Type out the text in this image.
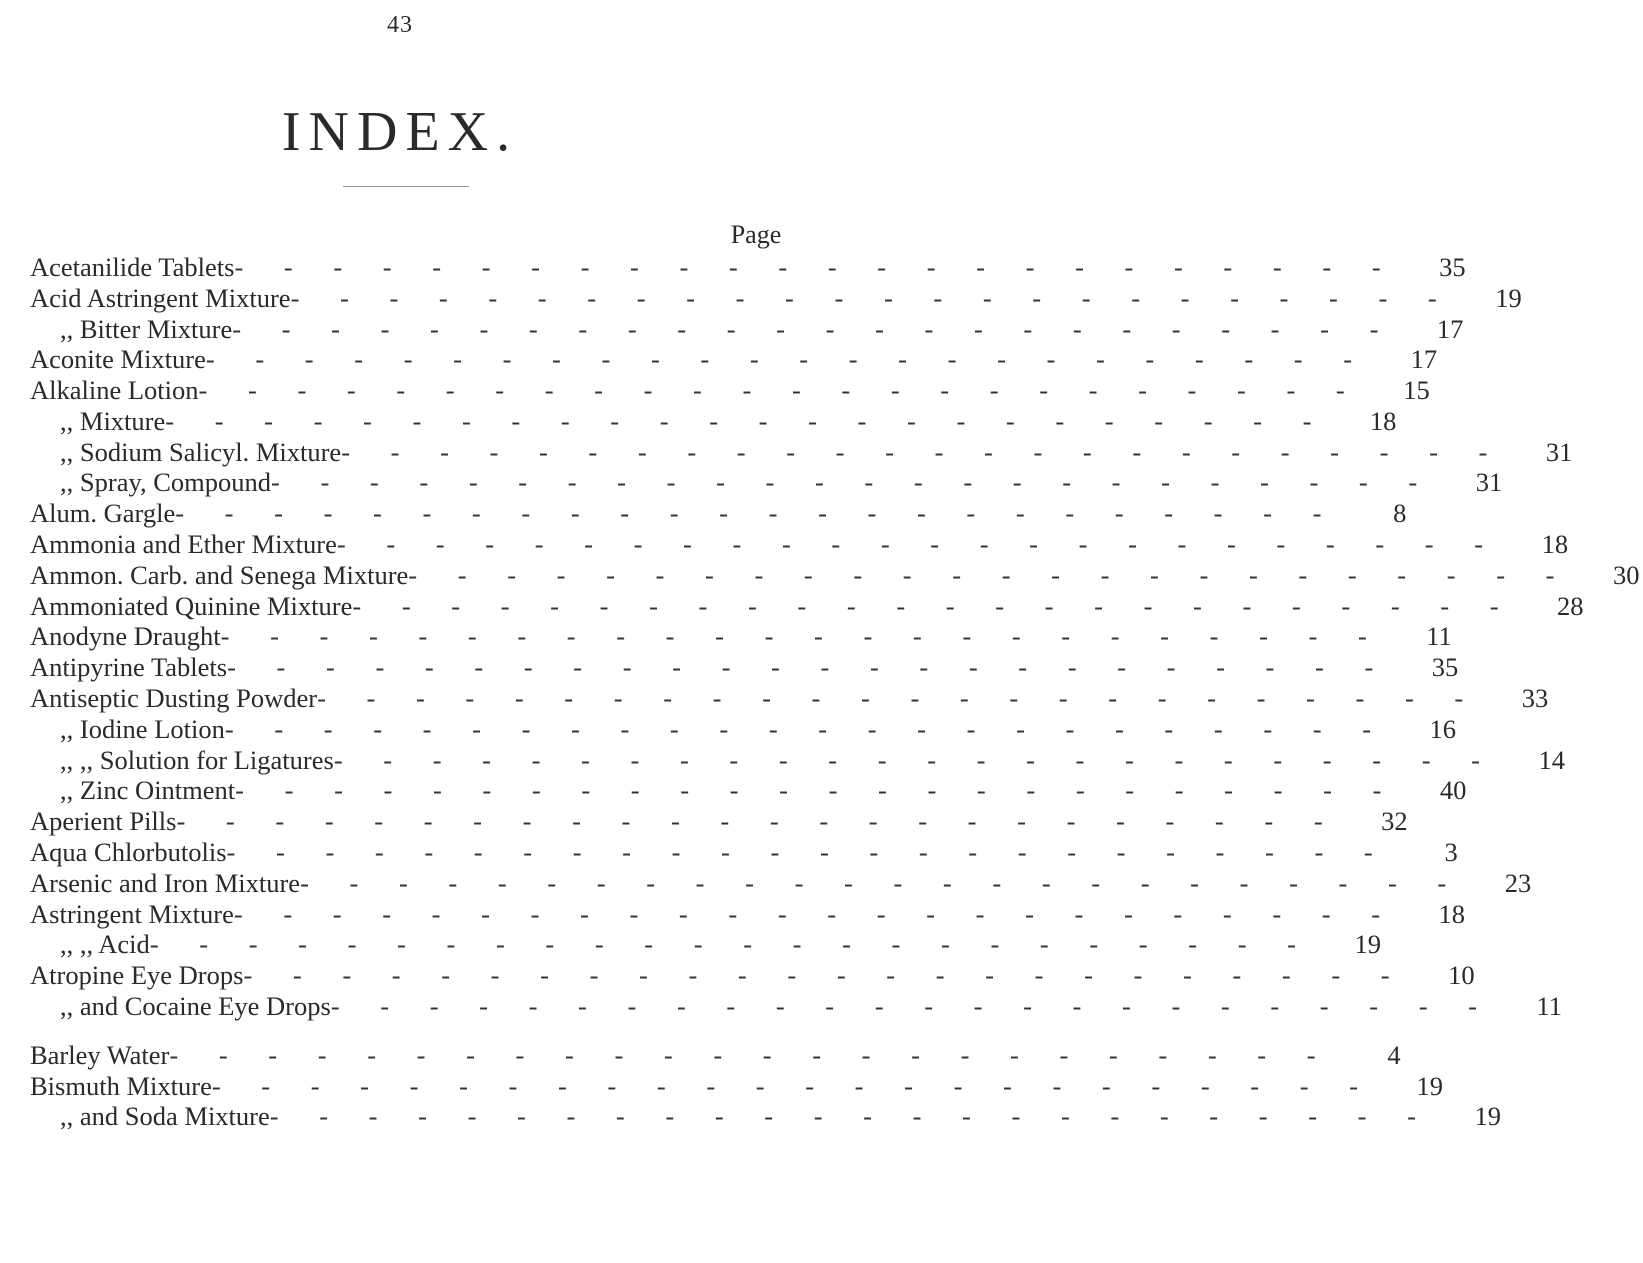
43
INDEX.
Page
Acetanilide Tablets - - - - - - - - - - - - - - - - - - - - - - - -	35
Acid Astringent Mixture - - - - - - - - - - - - - - - - - - - - - - - -	19
,, Bitter Mixture - - - - - - - - - - - - - - - - - - - - - - - -	17
Aconite Mixture - - - - - - - - - - - - - - - - - - - - - - - -	17
Alkaline Lotion - - - - - - - - - - - - - - - - - - - - - - - -	15
,, Mixture - - - - - - - - - - - - - - - - - - - - - - - -	18
,, Sodium Salicyl. Mixture - - - - - - - - - - - - - - - - - - - - - - - -	31
,, Spray, Compound - - - - - - - - - - - - - - - - - - - - - - - -	31
Alum. Gargle - - - - - - - - - - - - - - - - - - - - - - - -	8
Ammonia and Ether Mixture - - - - - - - - - - - - - - - - - - - - - - - -	18
Ammon. Carb. and Senega Mixture - - - - - - - - - - - - - - - - - - - - - - - -	30
Ammoniated Quinine Mixture - - - - - - - - - - - - - - - - - - - - - - - -	28
Anodyne Draught - - - - - - - - - - - - - - - - - - - - - - - -	11
Antipyrine Tablets - - - - - - - - - - - - - - - - - - - - - - - -	35
Antiseptic Dusting Powder - - - - - - - - - - - - - - - - - - - - - - - -	33
,, Iodine Lotion - - - - - - - - - - - - - - - - - - - - - - - -	16
,, ,, Solution for Ligatures - - - - - - - - - - - - - - - - - - - - - - - -	14
,, Zinc Ointment - - - - - - - - - - - - - - - - - - - - - - - -	40
Aperient Pills - - - - - - - - - - - - - - - - - - - - - - - -	32
Aqua Chlorbutolis - - - - - - - - - - - - - - - - - - - - - - - -	3
Arsenic and Iron Mixture - - - - - - - - - - - - - - - - - - - - - - - -	23
Astringent Mixture - - - - - - - - - - - - - - - - - - - - - - - -	18
,, ,, Acid - - - - - - - - - - - - - - - - - - - - - - - -	19
Atropine Eye Drops - - - - - - - - - - - - - - - - - - - - - - - -	10
,, and Cocaine Eye Drops - - - - - - - - - - - - - - - - - - - - - - - -	11
Barley Water - - - - - - - - - - - - - - - - - - - - - - - -	4
Bismuth Mixture - - - - - - - - - - - - - - - - - - - - - - - -	19
,, and Soda Mixture - - - - - - - - - - - - - - - - - - - - - - - -	19
